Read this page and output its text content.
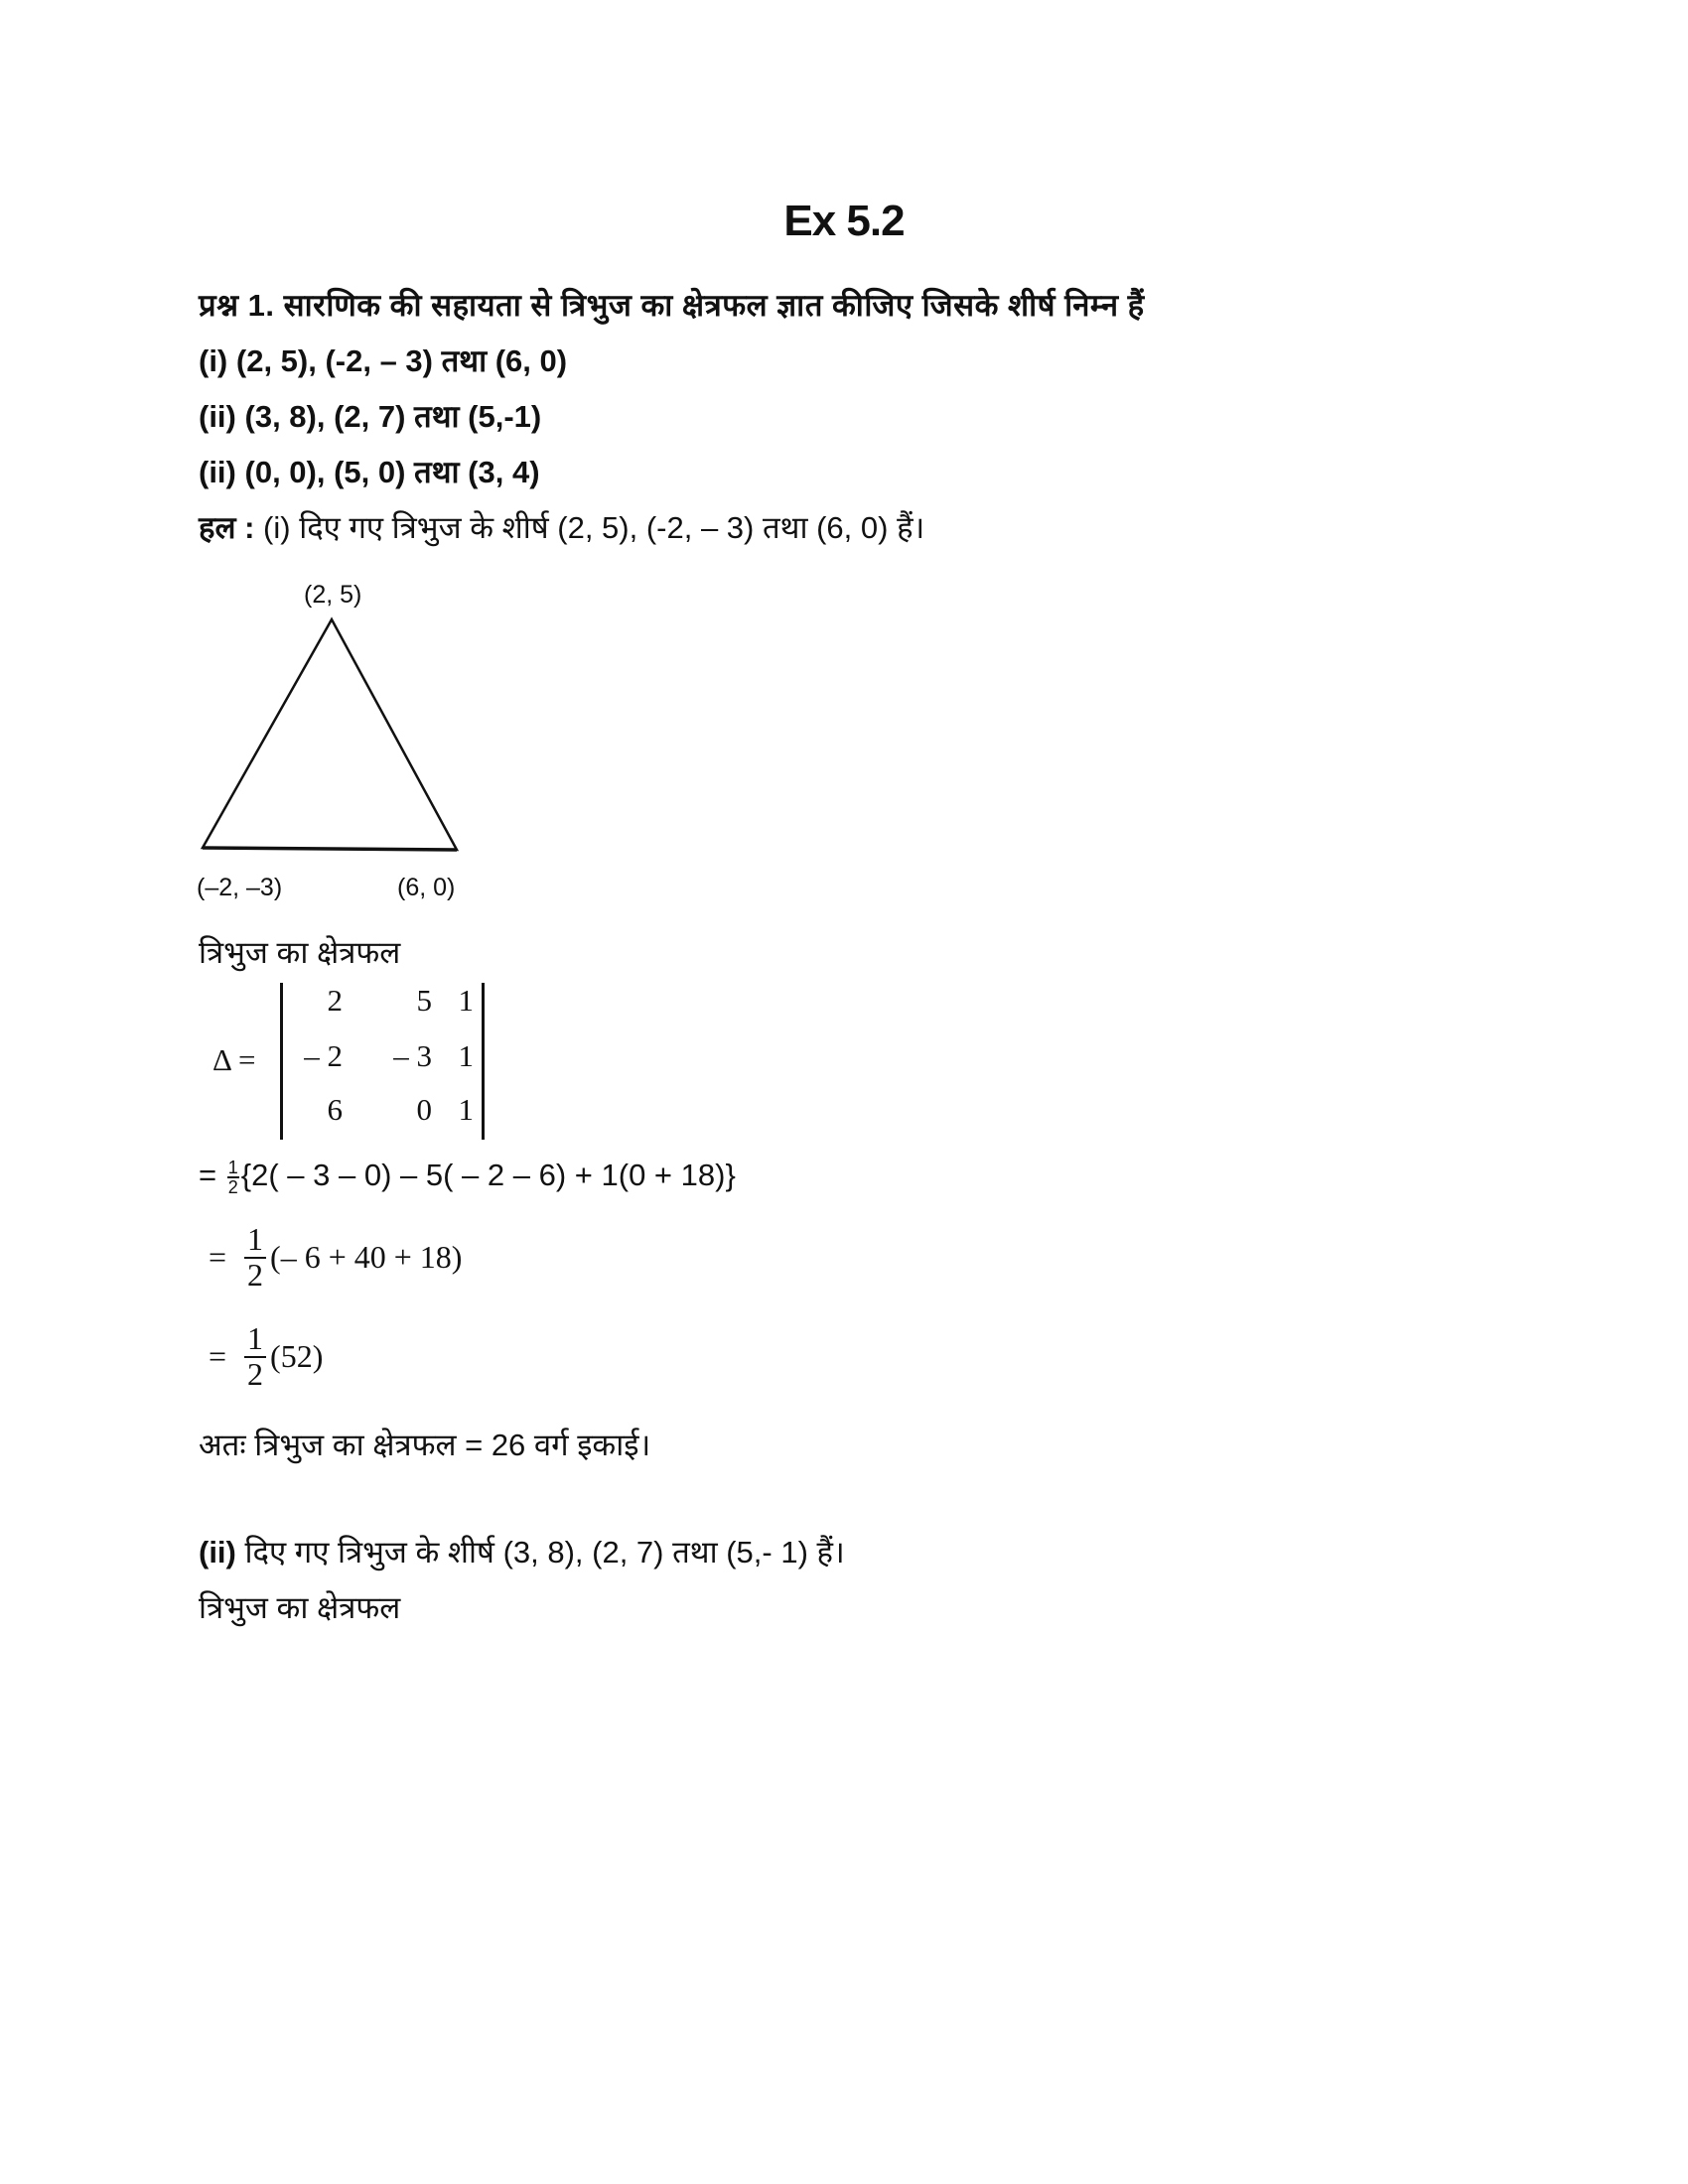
Ex 5.2
प्रश्न 1. सारणिक की सहायता से त्रिभुज का क्षेत्रफल ज्ञात कीजिए जिसके शीर्ष निम्न हैं
(i) (2, 5), (-2, – 3) तथा (6, 0)
(ii) (3, 8), (2, 7) तथा (5,-1)
(ii) (0, 0), (5, 0) तथा (3, 4)
हल : (i) दिए गए त्रिभुज के शीर्ष (2, 5), (-2, – 3) तथा (6, 0) हैं।
(2, 5)
(–2, –3)	(6, 0)
त्रिभुज का क्षेत्रफल
Δ =
2	5 1
– 2	– 3 1
6	0 1
= $\frac{1}{2} \{2( - 3 - 0) - 5( - 2 - 6) + 1(0 + 18)\}$
= $\frac{1}{2}$ (– 6 + 40 + 18)
= $\frac{1}{2} (52)$
अतः त्रिभुज का क्षेत्रफल = 26 वर्ग इकाई।
(ii) दिए गए त्रिभुज के शीर्ष (3, 8), (2, 7) तथा (5,- 1) हैं।
त्रिभुज का क्षेत्रफल
